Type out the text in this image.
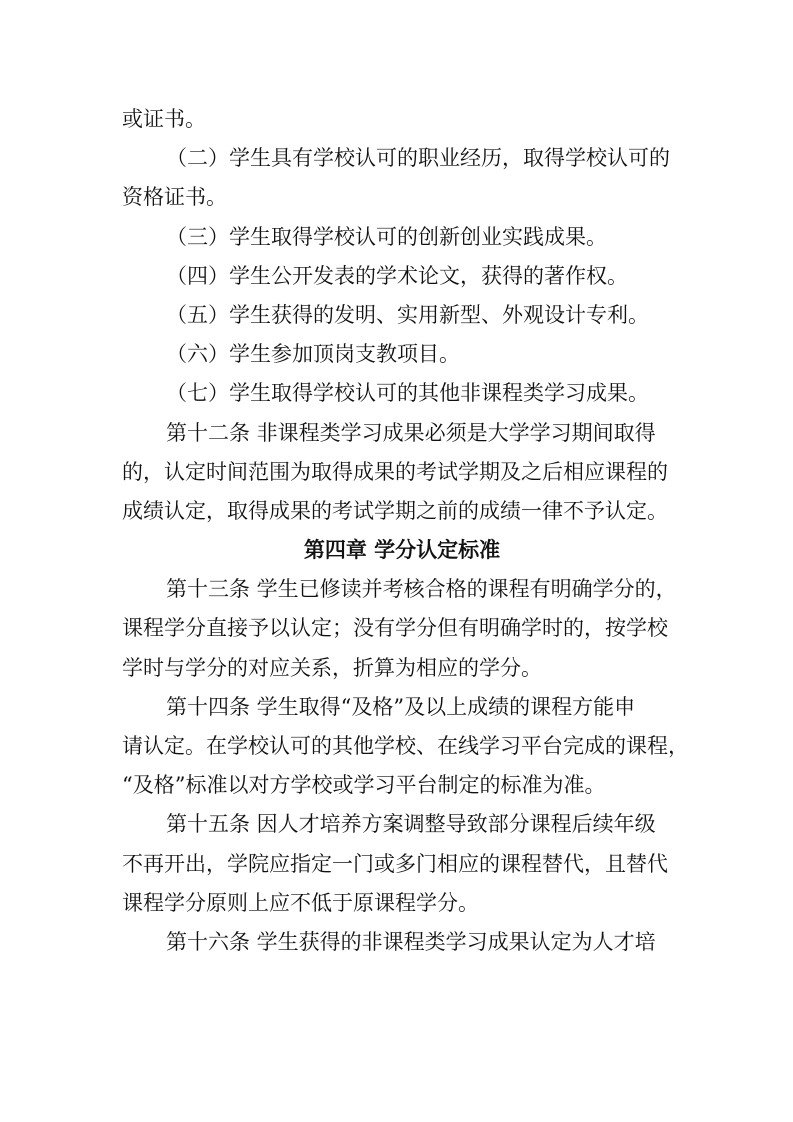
或证书。

（二）学生具有学校认可的职业经历，取得学校认可的

资格证书。

（三）学生取得学校认可的创新创业实践成果。

（四）学生公开发表的学术论文，获得的著作权。

（五）学生获得的发明、实用新型、外观设计专利。

（六）学生参加顶岗支教项目。

（七）学生取得学校认可的其他非课程类学习成果。

第十二条 非课程类学习成果必须是大学学习期间取得

的，认定时间范围为取得成果的考试学期及之后相应课程的

成绩认定，取得成果的考试学期之前的成绩一律不予认定。

第四章 学分认定标准

第十三条 学生已修读并考核合格的课程有明确学分的，

课程学分直接予以认定；没有学分但有明确学时的，按学校

学时与学分的对应关系，折算为相应的学分。

第十四条 学生取得“及格”及以上成绩的课程方能申

请认定。在学校认可的其他学校、在线学习平台完成的课程，

“及格”标准以对方学校或学习平台制定的标准为准。

第十五条 因人才培养方案调整导致部分课程后续年级

不再开出，学院应指定一门或多门相应的课程替代，且替代

课程学分原则上应不低于原课程学分。

第十六条 学生获得的非课程类学习成果认定为人才培
